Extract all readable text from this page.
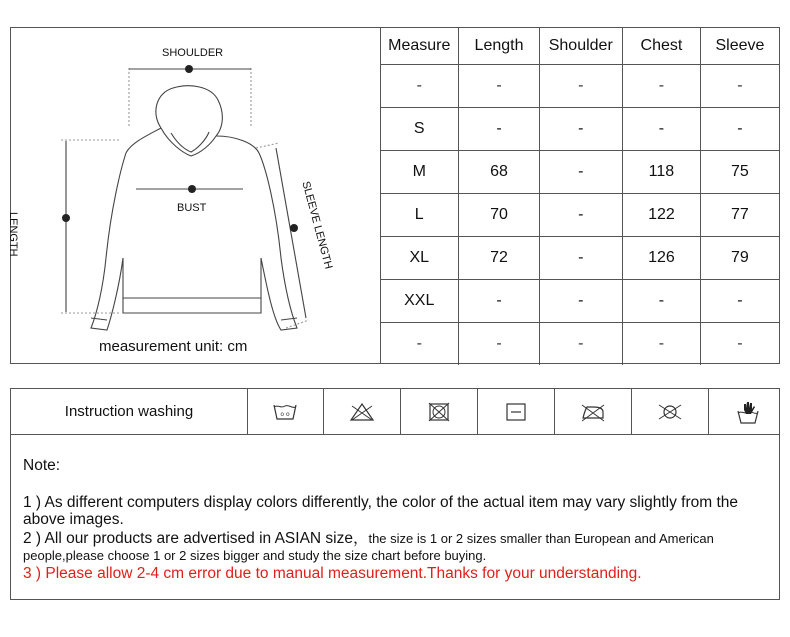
SHOULDER
BUST
LENGTH	SLEEVE LENGTH
measurement unit: cm
Measure	Length	Shoulder	Chest	Sleeve
-	-	-	-	-
S	-	-	-	-
M	68	-	118	75
L	70	-	122	77
XL	72	-	126	79
XXL	-	-	-	-
-	-	-	-	-
Instruction washing	o o
Note:
1 ) As different computers display colors differently, the color of the actual item may vary slightly from the above images.
2 ) All our products are advertised in ASIAN size，the size is 1 or 2 sizes smaller than European and American people,please choose 1 or 2 sizes bigger and study the size chart before buying.
3 ) Please allow 2-4 cm error due to manual measurement.Thanks for your understanding.
